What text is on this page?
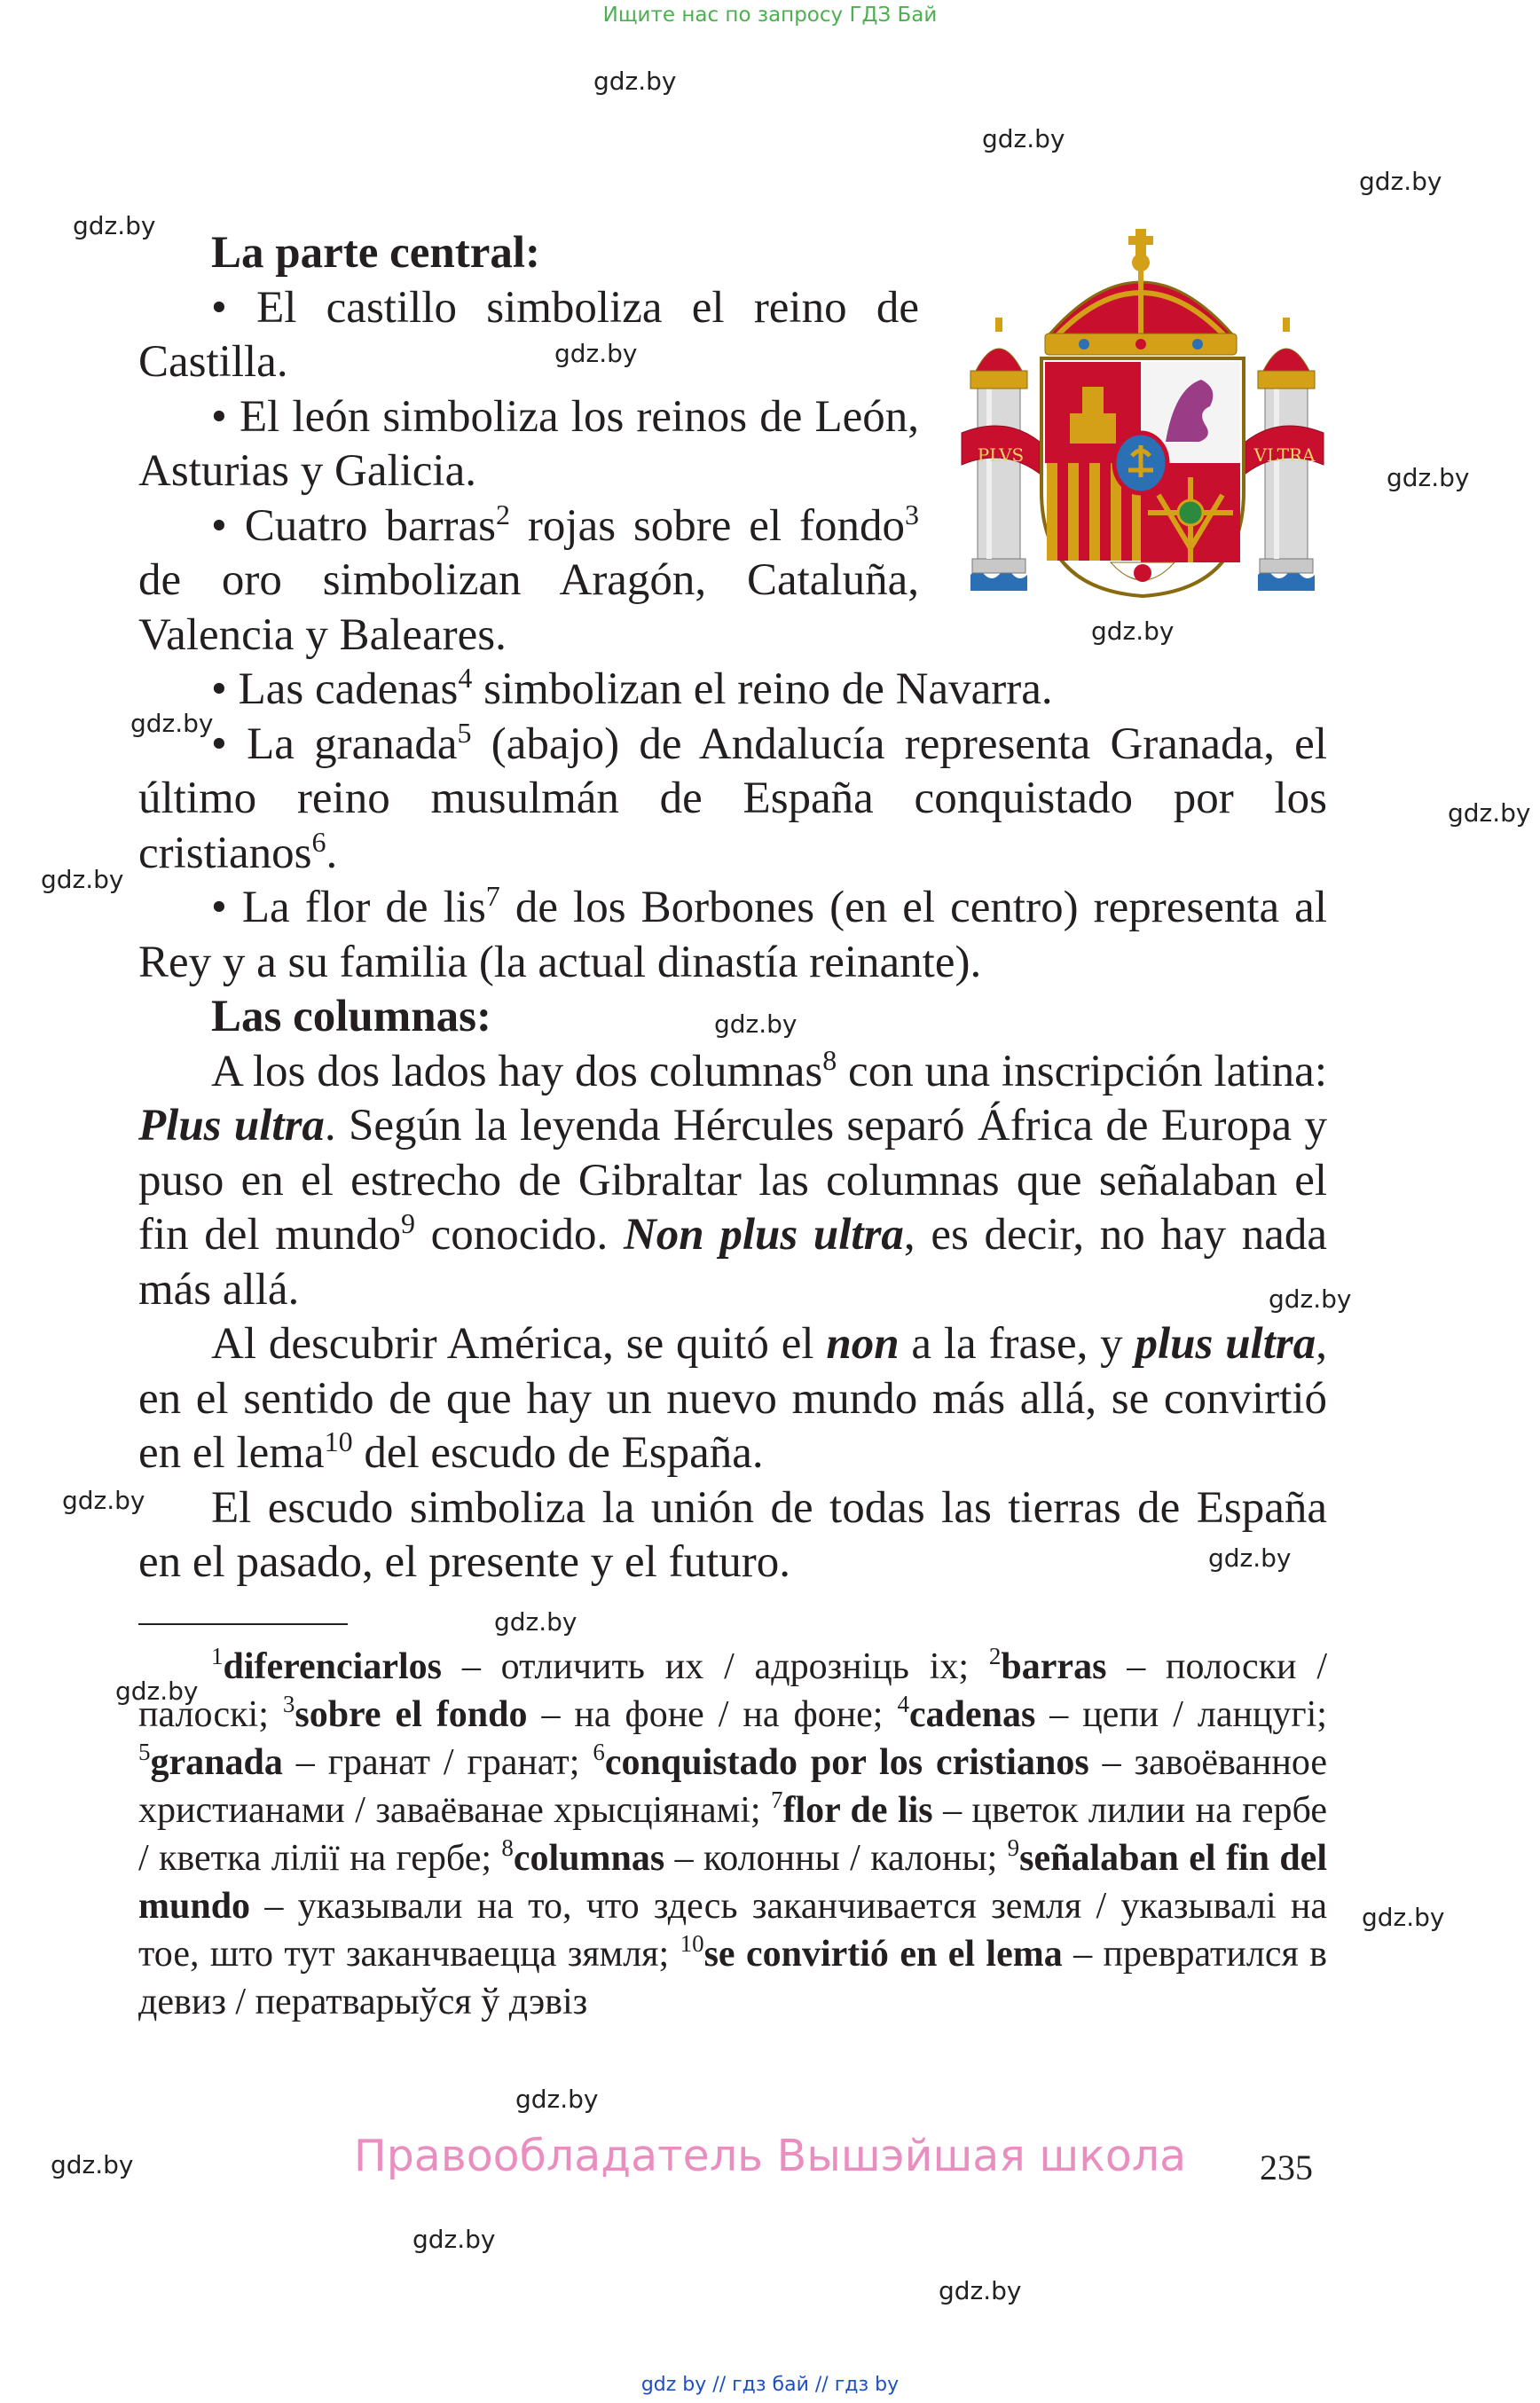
Ищите нас по запросу ГДЗ Бай
gdz.by
gdz.by
gdz.by
gdz.by
gdz.by
gdz.by
gdz.by
gdz.by
gdz.by
gdz.by
gdz.by
gdz.by
gdz.by
gdz.by
gdz.by
gdz.by
gdz.by
gdz.by
gdz.by
gdz.by
gdz.by
PLVS	VLTRA

La parte central:

• El castillo simboliza el reino de Castilla.

• El león simboliza los reinos de León, Asturias y Galicia.

• Cuatro barras$^2$ rojas sobre el fondo$^3$ de oro simbolizan Aragón, Cataluña, Valencia y Baleares.

• Las cadenas$^4$ simbolizan el reino de Navarra.

• La granada$^5$ (abajo) de Andalucía representa Granada, el último reino musulmán de España conquistado por los cristianos$^6$.

• La flor de lis$^7$ de los Borbones (en el centro) representa al Rey y a su familia (la actual dinastía reinante).

Las columnas:

A los dos lados hay dos columnas$^8$ con una inscripción latina: Plus ultra. Según la leyenda Hércules separó África de Europa y puso en el estrecho de Gibraltar las columnas que señalaban el fin del mundo$^9$ conocido. Non plus ultra, es decir, no hay nada más allá.

Al descubrir América, se quitó el non a la frase, y plus ultra, en el sentido de que hay un nuevo mundo más allá, se convirtió en el lema$^{10}$ del escudo de España.

El escudo simboliza la unión de todas las tierras de España en el pasado, el presente y el futuro.

$^1$diferenciarlos – отличить их / адрозніць іх; $^2$barras – полоски / палоскі; $^3$sobre el fondo – на фоне / на фоне; $^4$cadenas – цепи / ланцугі; $^5$granada – гранат / гранат; $^6$conquistado por los cristianos – завоёванное христианами / заваёванае хрысціянамі; $^7$flor de lis – цветок лилии на гербе / кветка лілії на гербе; $^8$columnas – колонны / калоны; $^9$señalaban el fin del mundo – указывали на то, что здесь заканчивается земля / указывалі на тое, што тут заканчваецца зямля; $^{10}$se convirtió en el lema – превратился в девиз / ператварыўся ў дэвіз

Правообладатель Вышэйшая школа	235
gdz by // гдз бай // гдз by
